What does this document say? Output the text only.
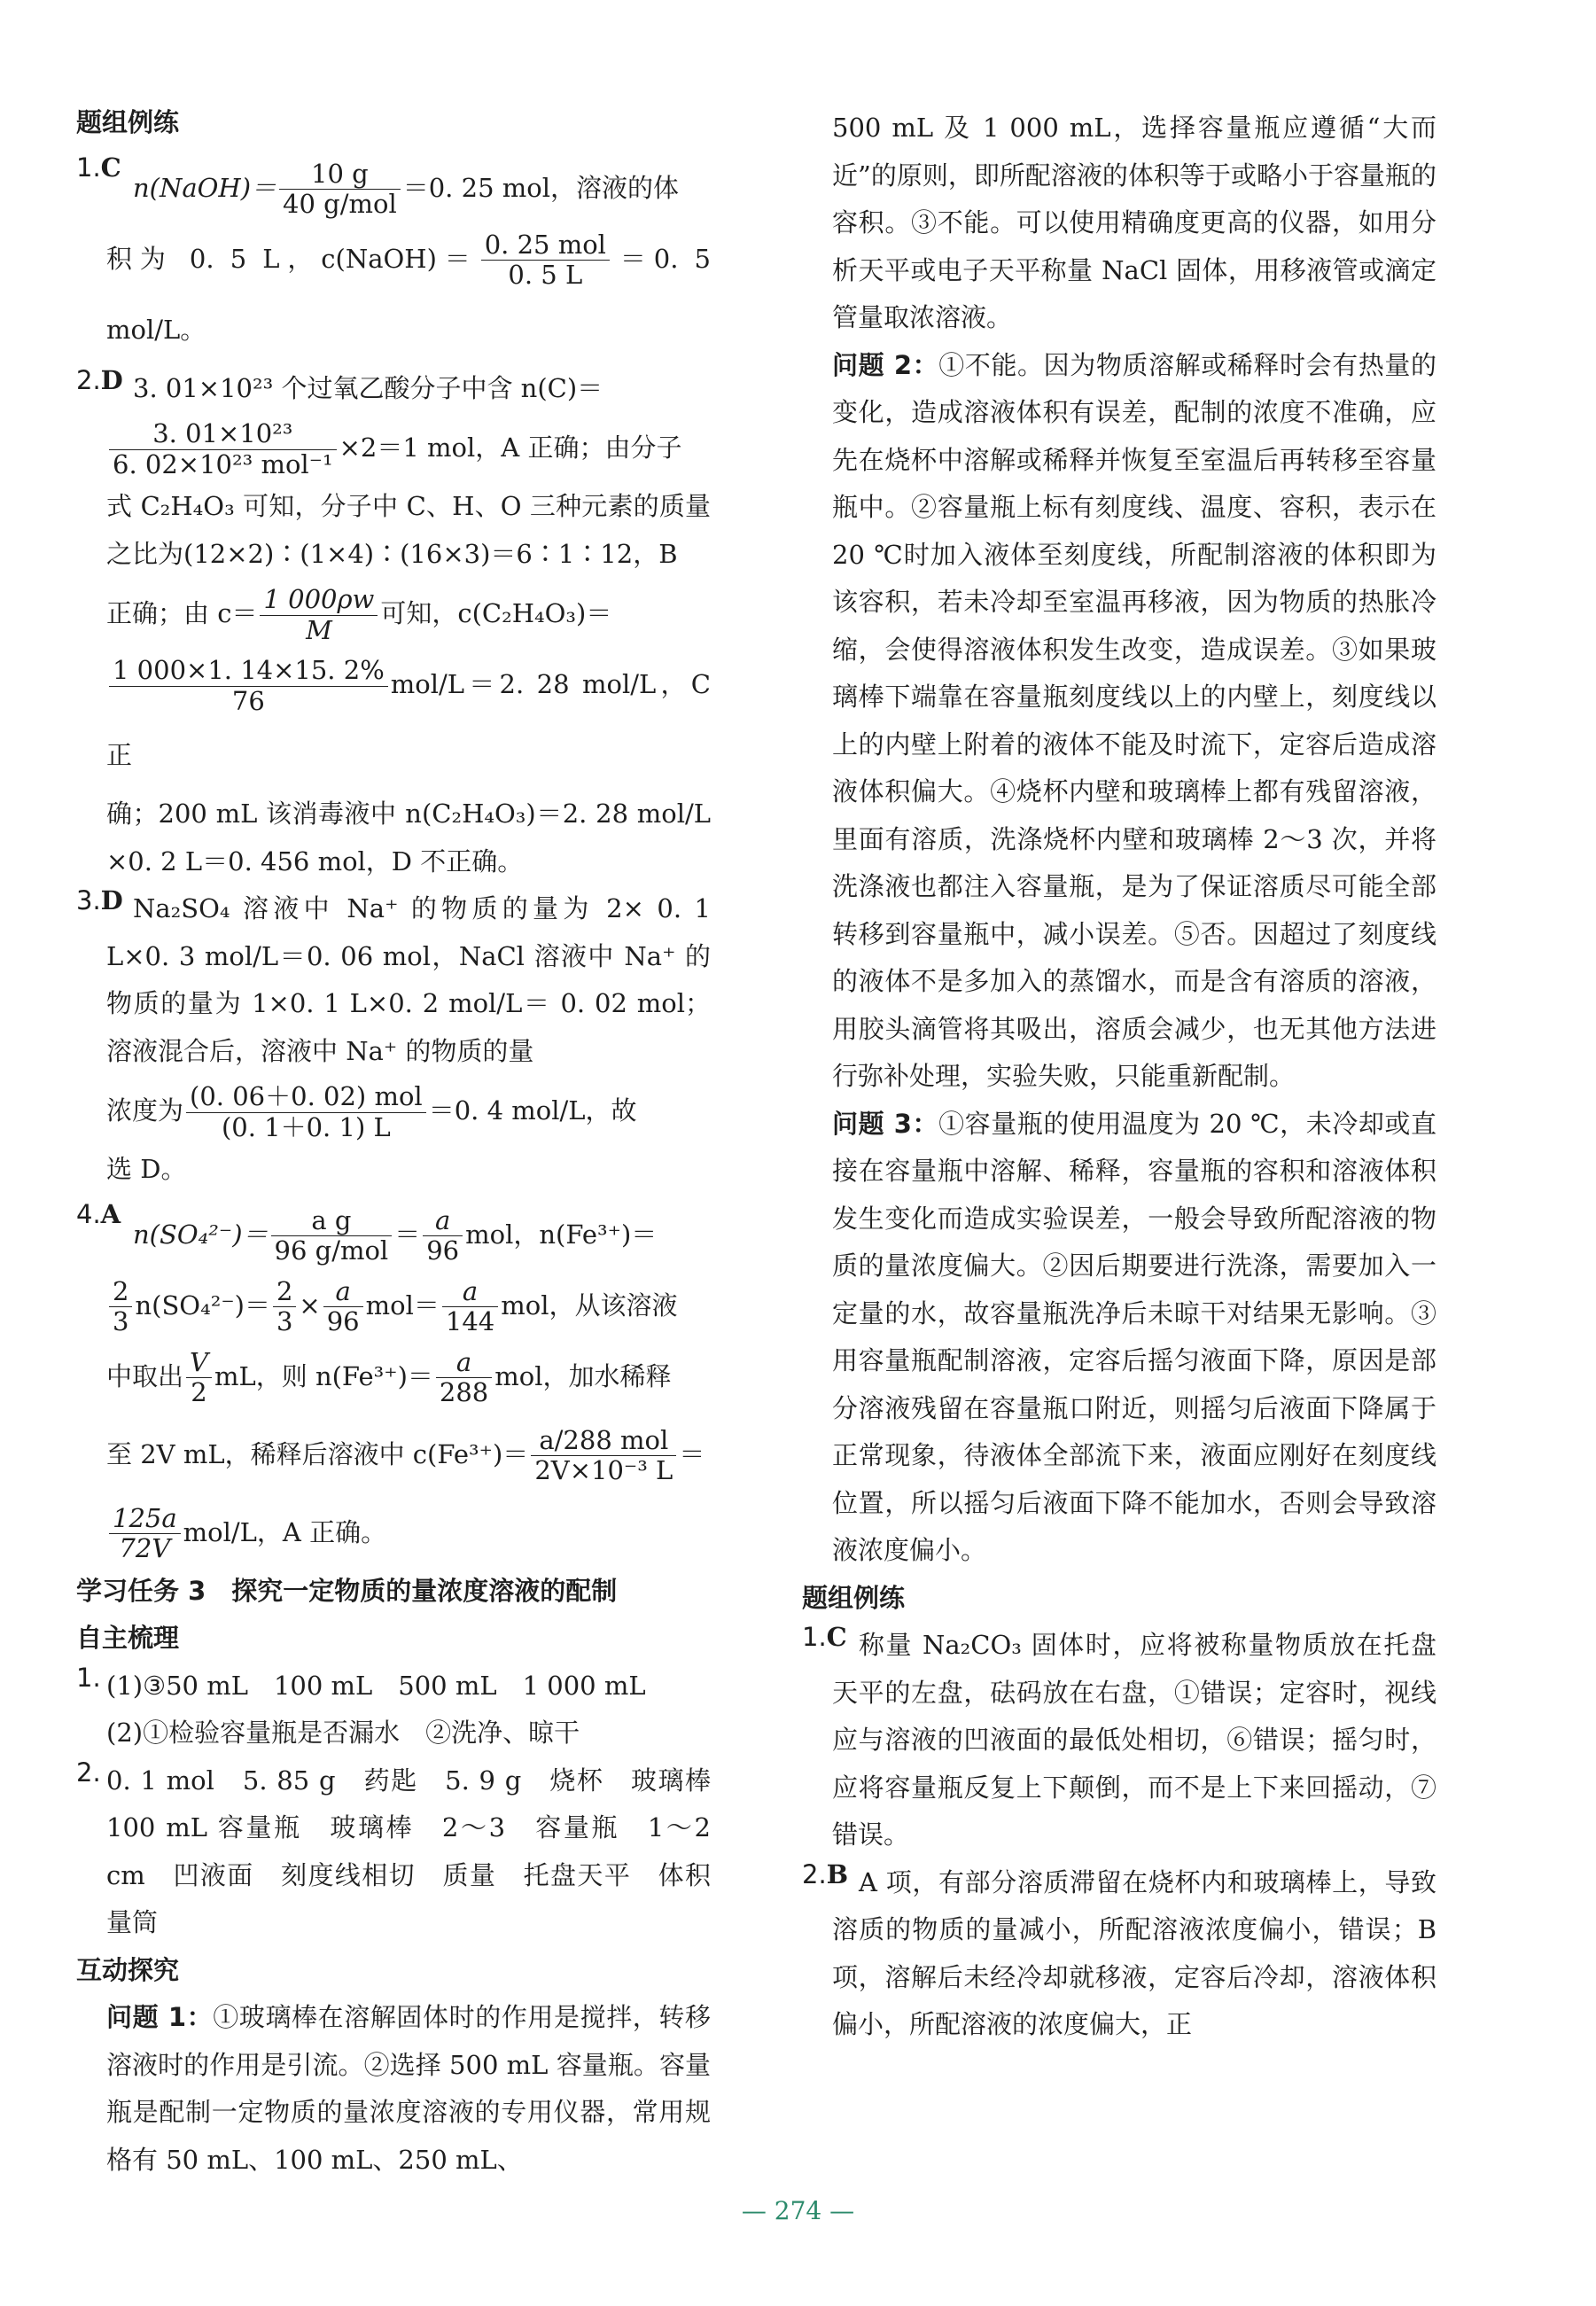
题组例练
1.C

n(NaOH)＝ $\frac{10 g}{\text{40 g/mol}} =0$. 25 mol，溶液的体

积为 0. 5 L，c(NaOH)＝ $\frac{\text{0. 25 mol}}{0. 5 L} =0$. 5 mol/L。

2.D 3. 01×10²³ 个过氧乙酸分子中含 n(C)＝

$\frac{\text{3. 01×10²³}}{\text{6. 02×10²³ mol⁻¹}} \times 2=1$ mol，A 正确；由分子

式 C₂H₄O₃ 可知，分子中 C、H、O 三种元素的质量之比为(12×2)∶(1×4)∶(16×3)＝6∶1∶12，B

正确；由 $c= \frac{1 000\rho w}{M}$ 可知，c(C₂H₄O₃)＝

$\frac{1 000\times 1. 14\times 15. 2\%}{76} mol/L=2$. 28 mol/L，C 正

确；200 mL 该消毒液中 n(C₂H₄O₃)＝2. 28 mol/L ×0. 2 L＝0. 456 mol，D 不正确。

3.D Na₂SO₄ 溶液中 Na⁺ 的物质的量为 2× 0. 1 L×0. 3 mol/L＝0. 06 mol，NaCl 溶液中 Na⁺ 的物质的量为 1×0. 1 L×0. 2 mol/L＝ 0. 02 mol；溶液混合后，溶液中 Na⁺ 的物质的量

浓度为 $\frac{\text{(0. 06＋0. 02) mol}}{(0. 1+0. 1) L} =0$. 4 mol/L，故

选 D。

4.A

$n(SO_4^{2-})= \frac{\text{a g}}{\text{96 g/mol}} = \frac{a}{96}$ mol，n(Fe³⁺)＝

$\frac{2}{3} n(SO_4^{2-})= \frac{2}{3} \times \frac{a}{96} mol= \frac{a}{144}$ mol，从该溶液

中取出 $\frac{V}{2}$ mL，则 $n(Fe^{3+})= \frac{a}{288}$ mol，加水稀释

至 2V mL，稀释后溶液中 $c(Fe^{3+})= \frac{\text{a/288 mol}}{\text{2V×10⁻³ L}}$ ＝

$\frac{125a}{72V} mol/L$，A 正确。

学习任务 3　探究一定物质的量浓度溶液的配制
自主梳理
1. (1)③50 mL　100 mL　500 mL　1 000 mL

(2)①检验容量瓶是否漏水　②洗净、晾干

2. 0. 1 mol　5. 85 g　药匙　5. 9 g　烧杯　玻璃棒　100 mL 容量瓶　玻璃棒　2～3　容量瓶　1～2 cm　凹液面　刻度线相切　质量　托盘天平　体积　量筒

互动探究

问题 1：①玻璃棒在溶解固体时的作用是搅拌，转移溶液时的作用是引流。②选择 500 mL 容量瓶。容量瓶是配制一定物质的量浓度溶液的专用仪器，常用规格有 50 mL、100 mL、250 mL、

500 mL 及 1 000 mL，选择容量瓶应遵循“大而近”的原则，即所配溶液的体积等于或略小于容量瓶的容积。③不能。可以使用精确度更高的仪器，如用分析天平或电子天平称量 NaCl 固体，用移液管或滴定管量取浓溶液。

问题 2：①不能。因为物质溶解或稀释时会有热量的变化，造成溶液体积有误差，配制的浓度不准确，应先在烧杯中溶解或稀释并恢复至室温后再转移至容量瓶中。②容量瓶上标有刻度线、温度、容积，表示在 20 ℃时加入液体至刻度线，所配制溶液的体积即为该容积，若未冷却至室温再移液，因为物质的热胀冷缩，会使得溶液体积发生改变，造成误差。③如果玻璃棒下端靠在容量瓶刻度线以上的内壁上，刻度线以上的内壁上附着的液体不能及时流下，定容后造成溶液体积偏大。④烧杯内壁和玻璃棒上都有残留溶液，里面有溶质，洗涤烧杯内壁和玻璃棒 2～3 次，并将洗涤液也都注入容量瓶，是为了保证溶质尽可能全部转移到容量瓶中，减小误差。⑤否。因超过了刻度线的液体不是多加入的蒸馏水，而是含有溶质的溶液，用胶头滴管将其吸出，溶质会减少，也无其他方法进行弥补处理，实验失败，只能重新配制。

问题 3：①容量瓶的使用温度为 20 ℃，未冷却或直接在容量瓶中溶解、稀释，容量瓶的容积和溶液体积发生变化而造成实验误差，一般会导致所配溶液的物质的量浓度偏大。②因后期要进行洗涤，需要加入一定量的水，故容量瓶洗净后未晾干对结果无影响。③用容量瓶配制溶液，定容后摇匀液面下降，原因是部分溶液残留在容量瓶口附近，则摇匀后液面下降属于正常现象，待液体全部流下来，液面应刚好在刻度线位置，所以摇匀后液面下降不能加水，否则会导致溶液浓度偏小。

题组例练
1.C 称量 Na₂CO₃ 固体时，应将被称量物质放在托盘天平的左盘，砝码放在右盘，①错误；定容时，视线应与溶液的凹液面的最低处相切，⑥错误；摇匀时，应将容量瓶反复上下颠倒，而不是上下来回摇动，⑦错误。

2.B A 项，有部分溶质滞留在烧杯内和玻璃棒上，导致溶质的物质的量减小，所配溶液浓度偏小，错误；B 项，溶解后未经冷却就移液，定容后冷却，溶液体积偏小，所配溶液的浓度偏大，正

— 274 —
